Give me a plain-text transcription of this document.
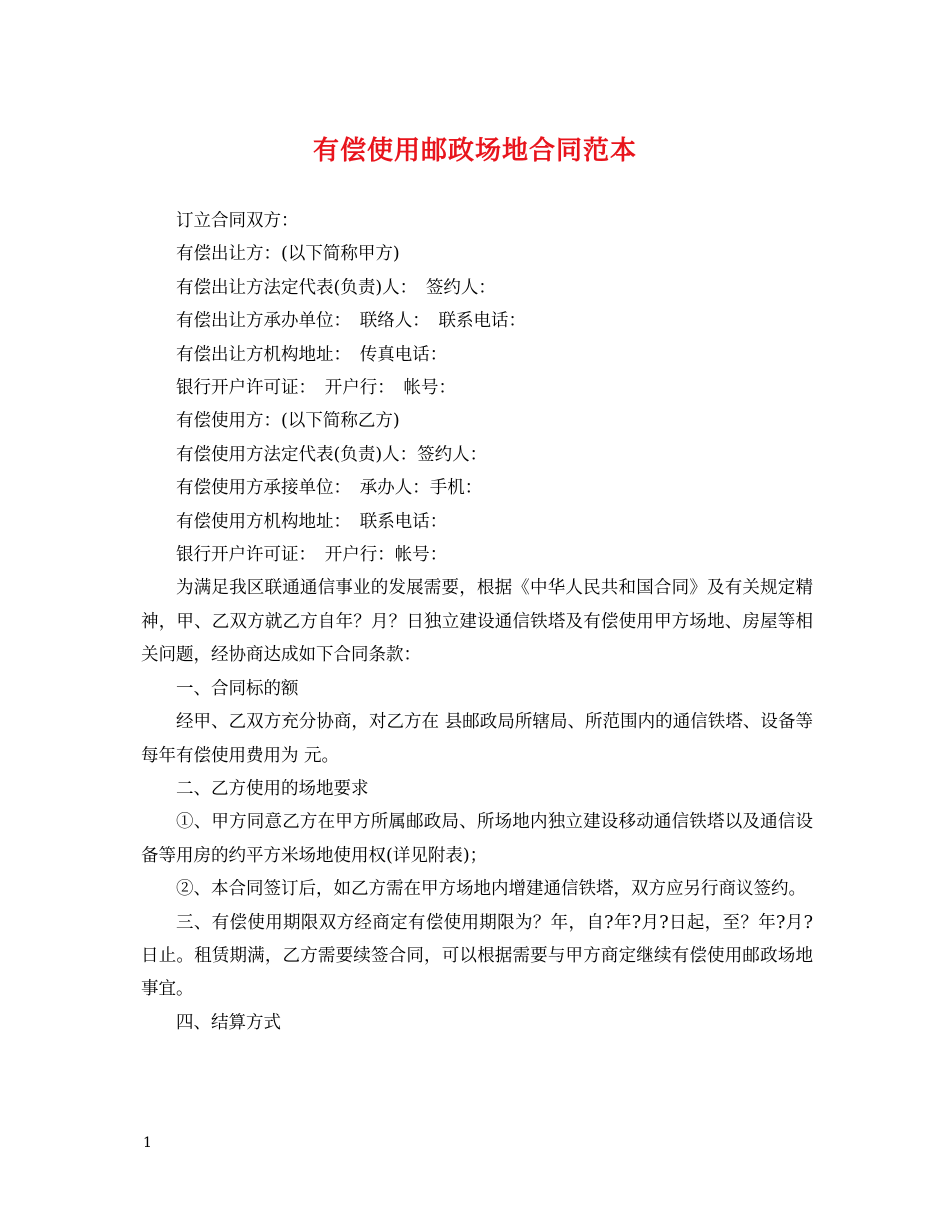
有偿使用邮政场地合同范本

订立合同双方：

有偿出让方：(以下简称甲方)

有偿出让方法定代表(负责)人：　签约人：

有偿出让方承办单位：　联络人：　联系电话：

有偿出让方机构地址：　传真电话：

银行开户许可证：　开户行：　帐号：

有偿使用方：(以下简称乙方)

有偿使用方法定代表(负责)人：签约人：

有偿使用方承接单位：　承办人：手机：

有偿使用方机构地址：　联系电话：

银行开户许可证：　开户行：帐号：

为满足我区联通通信事业的发展需要，根据《中华人民共和国合同》及有关规定精神，甲、乙双方就乙方自年？月？日独立建设通信铁塔及有偿使用甲方场地、房屋等相关问题，经协商达成如下合同条款：

一、合同标的额

经甲、乙双方充分协商，对乙方在 县邮政局所辖局、所范围内的通信铁塔、设备等每年有偿使用费用为 元。

二、乙方使用的场地要求

①、甲方同意乙方在甲方所属邮政局、所场地内独立建设移动通信铁塔以及通信设备等用房的约平方米场地使用权(详见附表)；

②、本合同签订后，如乙方需在甲方场地内增建通信铁塔，双方应另行商议签约。

三、有偿使用期限双方经商定有偿使用期限为？年，自?年?月?日起，至？年?月?日止。租赁期满，乙方需要续签合同，可以根据需要与甲方商定继续有偿使用邮政场地事宜。

四、结算方式

1
